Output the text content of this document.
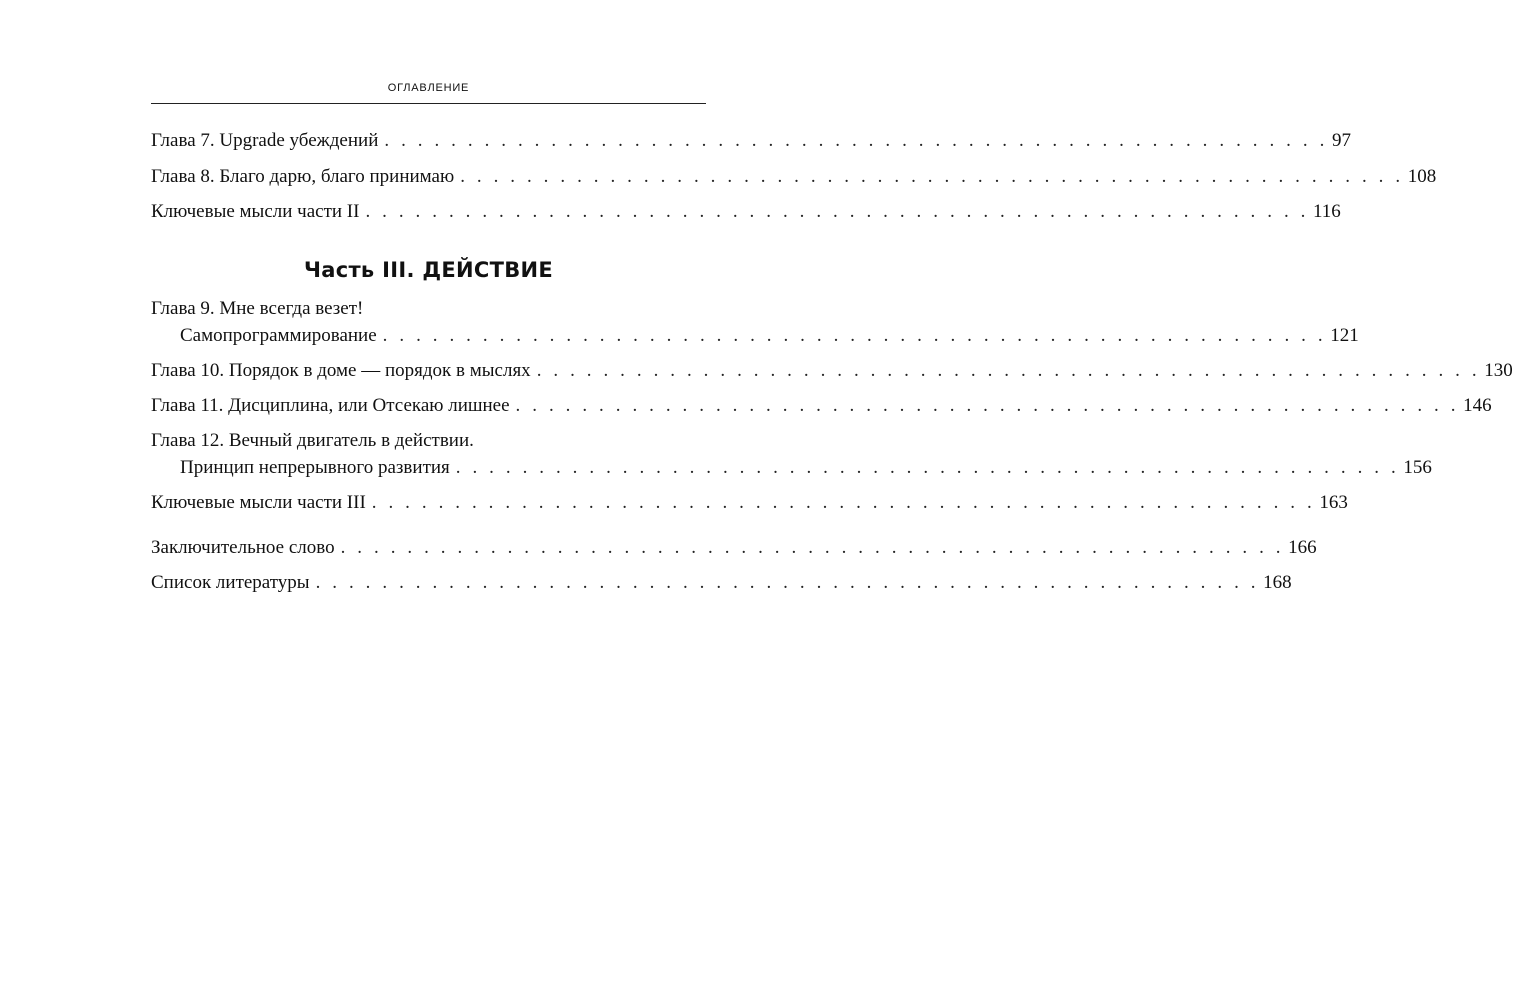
ОГЛАВЛЕНИЕ
Глава 7. Upgrade убеждений . . . . . . . . . . . . . . . . . . . . . . . . . . . . . . . . . . . . . . . . . . . . . . . . . . . . . . . . . 97
Глава 8. Благо дарю, благо принимаю . . . . . . . . . . . . . . . . . . . . . . . . . . . . . . . . . . . . . . . . . . . . . . . . . . . . . . . . . 108
Ключевые мысли части II . . . . . . . . . . . . . . . . . . . . . . . . . . . . . . . . . . . . . . . . . . . . . . . . . . . . . . . . . 116
Часть III. ДЕЙСТВИЕ
Глава 9. Мне всегда везет!
Самопрограммирование . . . . . . . . . . . . . . . . . . . . . . . . . . . . . . . . . . . . . . . . . . . . . . . . . . . . . . . . . 121
Глава 10. Порядок в доме — порядок в мыслях . . . . . . . . . . . . . . . . . . . . . . . . . . . . . . . . . . . . . . . . . . . . . . . . . . . . . . . . . 130
Глава 11. Дисциплина, или Отсекаю лишнее . . . . . . . . . . . . . . . . . . . . . . . . . . . . . . . . . . . . . . . . . . . . . . . . . . . . . . . . . 146
Глава 12. Вечный двигатель в действии.
Принцип непрерывного развития . . . . . . . . . . . . . . . . . . . . . . . . . . . . . . . . . . . . . . . . . . . . . . . . . . . . . . . . . 156
Ключевые мысли части III . . . . . . . . . . . . . . . . . . . . . . . . . . . . . . . . . . . . . . . . . . . . . . . . . . . . . . . . . 163
Заключительное слово . . . . . . . . . . . . . . . . . . . . . . . . . . . . . . . . . . . . . . . . . . . . . . . . . . . . . . . . . 166
Список литературы . . . . . . . . . . . . . . . . . . . . . . . . . . . . . . . . . . . . . . . . . . . . . . . . . . . . . . . . . 168
